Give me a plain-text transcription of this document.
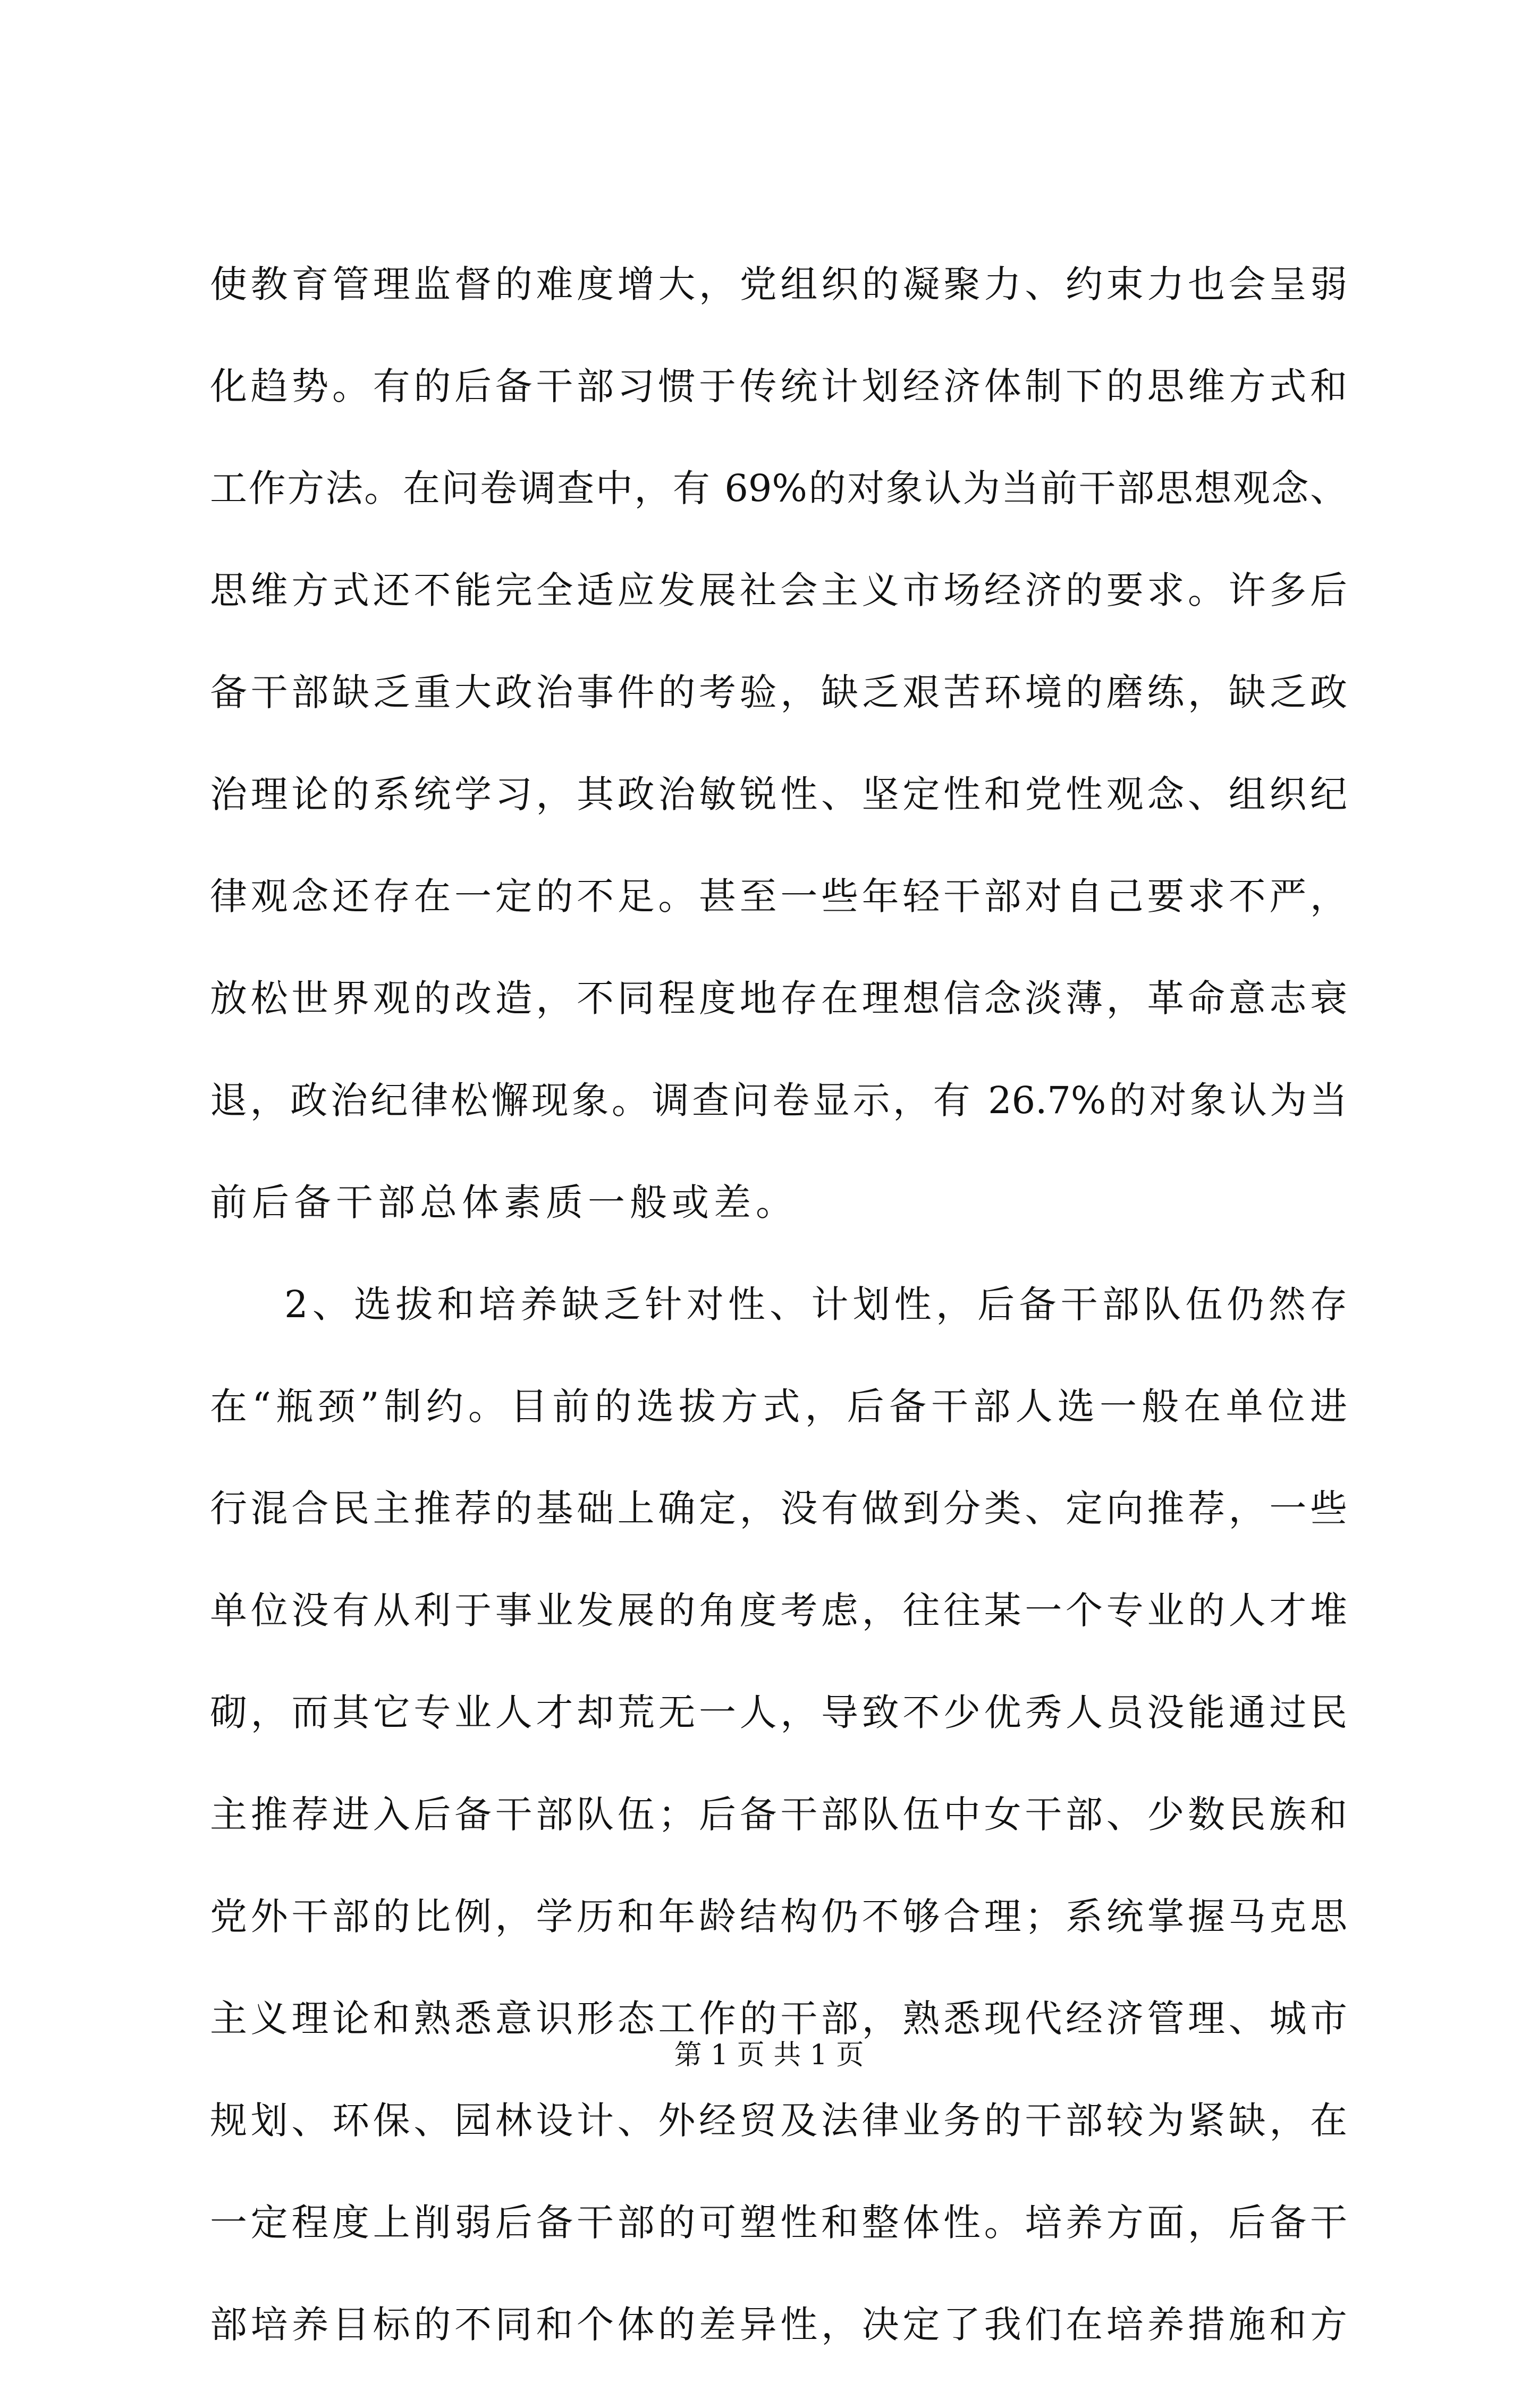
使教育管理监督的难度增大，党组织的凝聚力、约束力也会呈弱
化趋势。有的后备干部习惯于传统计划经济体制下的思维方式和
工作方法。在问卷调查中，有 69%的对象认为当前干部思想观念、
思维方式还不能完全适应发展社会主义市场经济的要求。许多后
备干部缺乏重大政治事件的考验，缺乏艰苦环境的磨练，缺乏政
治理论的系统学习，其政治敏锐性、坚定性和党性观念、组织纪
律观念还存在一定的不足。甚至一些年轻干部对自己要求不严，
放松世界观的改造，不同程度地存在理想信念淡薄，革命意志衰
退，政治纪律松懈现象。调查问卷显示，有 26.7%的对象认为当
前后备干部总体素质一般或差。
2、选拔和培养缺乏针对性、计划性，后备干部队伍仍然存
在“瓶颈”制约。目前的选拔方式，后备干部人选一般在单位进
行混合民主推荐的基础上确定，没有做到分类、定向推荐，一些
单位没有从利于事业发展的角度考虑，往往某一个专业的人才堆
砌，而其它专业人才却荒无一人，导致不少优秀人员没能通过民
主推荐进入后备干部队伍；后备干部队伍中女干部、少数民族和
党外干部的比例，学历和年龄结构仍不够合理；系统掌握马克思
主义理论和熟悉意识形态工作的干部，熟悉现代经济管理、城市
规划、环保、园林设计、外经贸及法律业务的干部较为紧缺，在
一定程度上削弱后备干部的可塑性和整体性。培养方面，后备干
部培养目标的不同和个体的差异性，决定了我们在培养措施和方
第 1 页 共 1 页
